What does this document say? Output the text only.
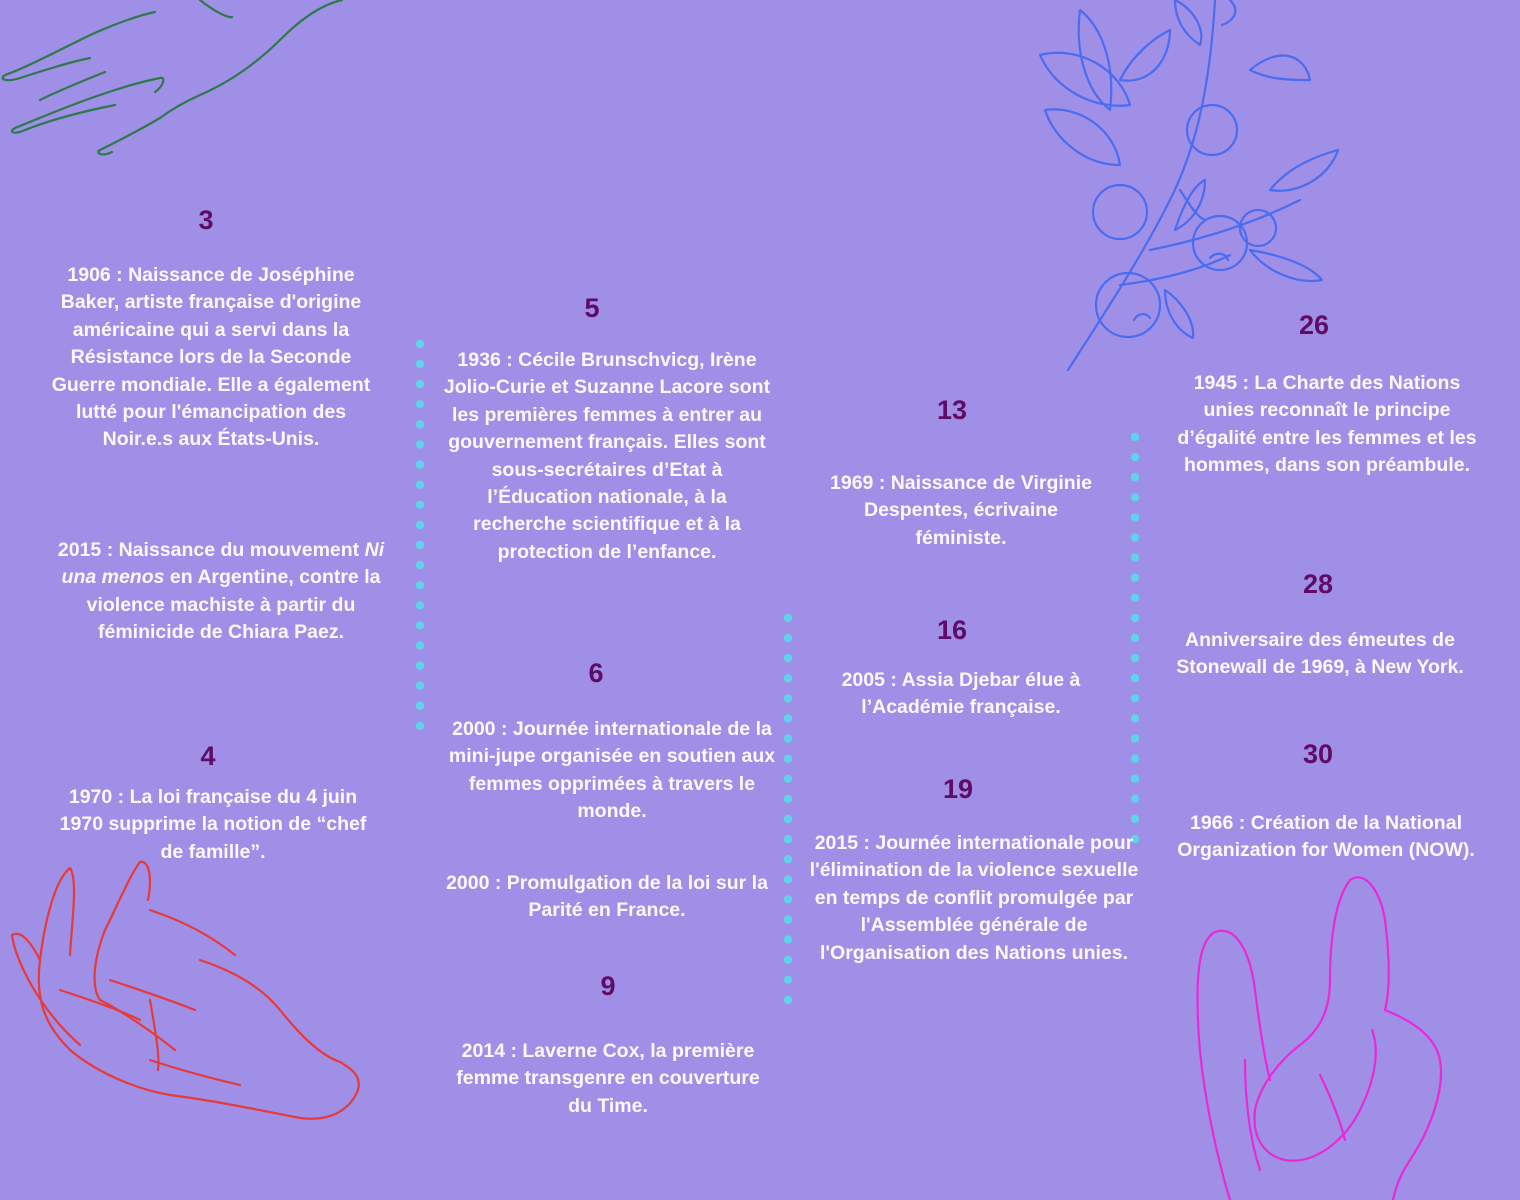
3

1906 : Naissance de Joséphine Baker, artiste française d'origine américaine qui a servi dans la Résistance lors de la Seconde Guerre mondiale. Elle a également lutté pour l'émancipation des Noir.e.s aux États-Unis.

2015 : Naissance du mouvement Ni una menos en Argentine, contre la violence machiste à partir du féminicide de Chiara Paez.

4

1970 : La loi française du 4 juin 1970 supprime la notion de “chef de famille”.

5

1936 : Cécile Brunschvicg, Irène Jolio-Curie et Suzanne Lacore sont les premières femmes à entrer au gouvernement français. Elles sont sous-secrétaires d’Etat à l’Éducation nationale, à la recherche scientifique et à la protection de l’enfance.

6

2000 : Journée internationale de la mini-jupe organisée en soutien aux femmes opprimées à travers le monde.

2000 : Promulgation de la loi sur la Parité en France.

9

2014 : Laverne Cox, la première femme transgenre en couverture du Time.

13

1969 : Naissance de Virginie Despentes, écrivaine féministe.

16

2005 : Assia Djebar élue à l’Académie française.

19

2015 : Journée internationale pour l'élimination de la violence sexuelle en temps de conflit promulgée par l'Assemblée générale de l'Organisation des Nations unies.

26

1945 : La Charte des Nations unies reconnaît le principe d’égalité entre les femmes et les hommes, dans son préambule.

28

Anniversaire des émeutes de Stonewall de 1969, à New York.

30

1966 : Création de la National Organization for Women (NOW).
